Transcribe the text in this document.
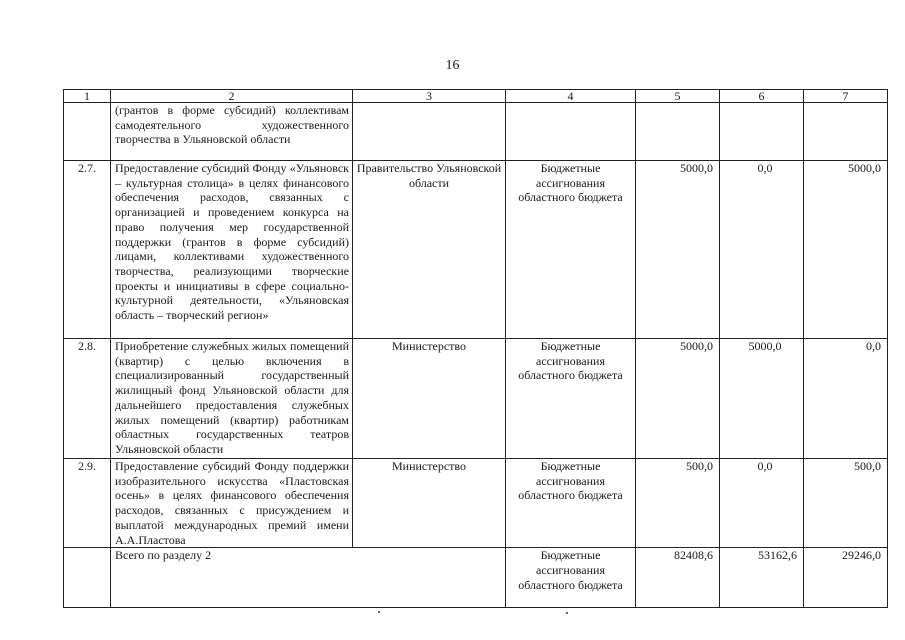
16
1	2	3	4	5	6	7
	(грантов в форме субсидий) коллективам самодеятельного художественного творчества в Ульяновской области					
2.7.	Предоставление субсидий Фонду «Ульяновск – культурная столица» в целях финансового обеспечения расходов, связанных с организацией и проведением конкурса на право получения мер государственной поддержки (грантов в форме субсидий) лицами, коллективами художественного творчества, реализующими творческие проекты и инициативы в сфере социально-культурной деятельности, «Ульяновская область – творческий регион»	Правительство Ульяновской области	Бюджетные ассигнования областного бюджета	5000,0	0,0	5000,0
2.8.	Приобретение служебных жилых помещений (квартир) с целью включения в специализированный государственный жилищный фонд Ульяновской области для дальнейшего предоставления служебных жилых помещений (квартир) работникам областных государственных театров Ульяновской области	Министерство	Бюджетные ассигнования областного бюджета	5000,0	5000,0	0,0
2.9.	Предоставление субсидий Фонду поддержки изобразительного искусства «Пластовская осень» в целях финансового обеспечения расходов, связанных с присуждением и выплатой международных премий имени А.А.Пластова	Министерство	Бюджетные ассигнования областного бюджета	500,0	0,0	500,0
	Всего по разделу 2		Бюджетные ассигнования областного бюджета	82408,6	53162,6	29246,0
